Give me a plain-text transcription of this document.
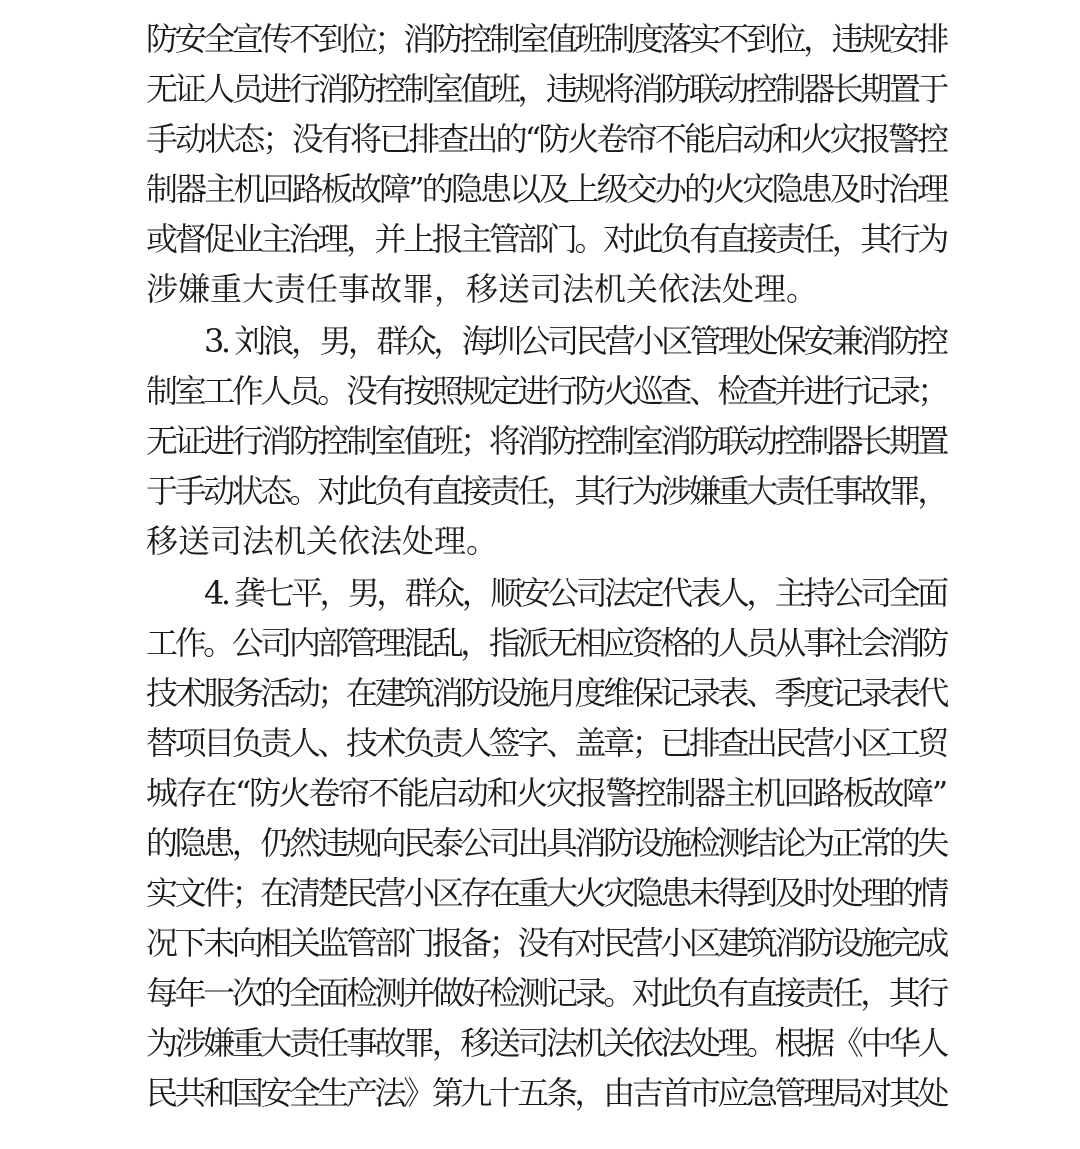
防安全宣传不到位；消防控制室值班制度落实不到位，违规安排
无证人员进行消防控制室值班，违规将消防联动控制器长期置于
手动状态；没有将已排查出的“防火卷帘不能启动和火灾报警控
制器主机回路板故障”的隐患以及上级交办的火灾隐患及时治理
或督促业主治理，并上报主管部门。对此负有直接责任，其行为
涉嫌重大责任事故罪，移送司法机关依法处理。
3. 刘浪，男，群众，海圳公司民营小区管理处保安兼消防控
制室工作人员。没有按照规定进行防火巡查、检查并进行记录；
无证进行消防控制室值班；将消防控制室消防联动控制器长期置
于手动状态。对此负有直接责任，其行为涉嫌重大责任事故罪，
移送司法机关依法处理。
4. 龚七平，男，群众，顺安公司法定代表人，主持公司全面
工作。公司内部管理混乱，指派无相应资格的人员从事社会消防
技术服务活动；在建筑消防设施月度维保记录表、季度记录表代
替项目负责人、技术负责人签字、盖章；已排查出民营小区工贸
城存在“防火卷帘不能启动和火灾报警控制器主机回路板故障”
的隐患，仍然违规向民泰公司出具消防设施检测结论为正常的失
实文件；在清楚民营小区存在重大火灾隐患未得到及时处理的情
况下未向相关监管部门报备；没有对民营小区建筑消防设施完成
每年一次的全面检测并做好检测记录。对此负有直接责任，其行
为涉嫌重大责任事故罪，移送司法机关依法处理。根据《中华人
民共和国安全生产法》第九十五条，由吉首市应急管理局对其处
